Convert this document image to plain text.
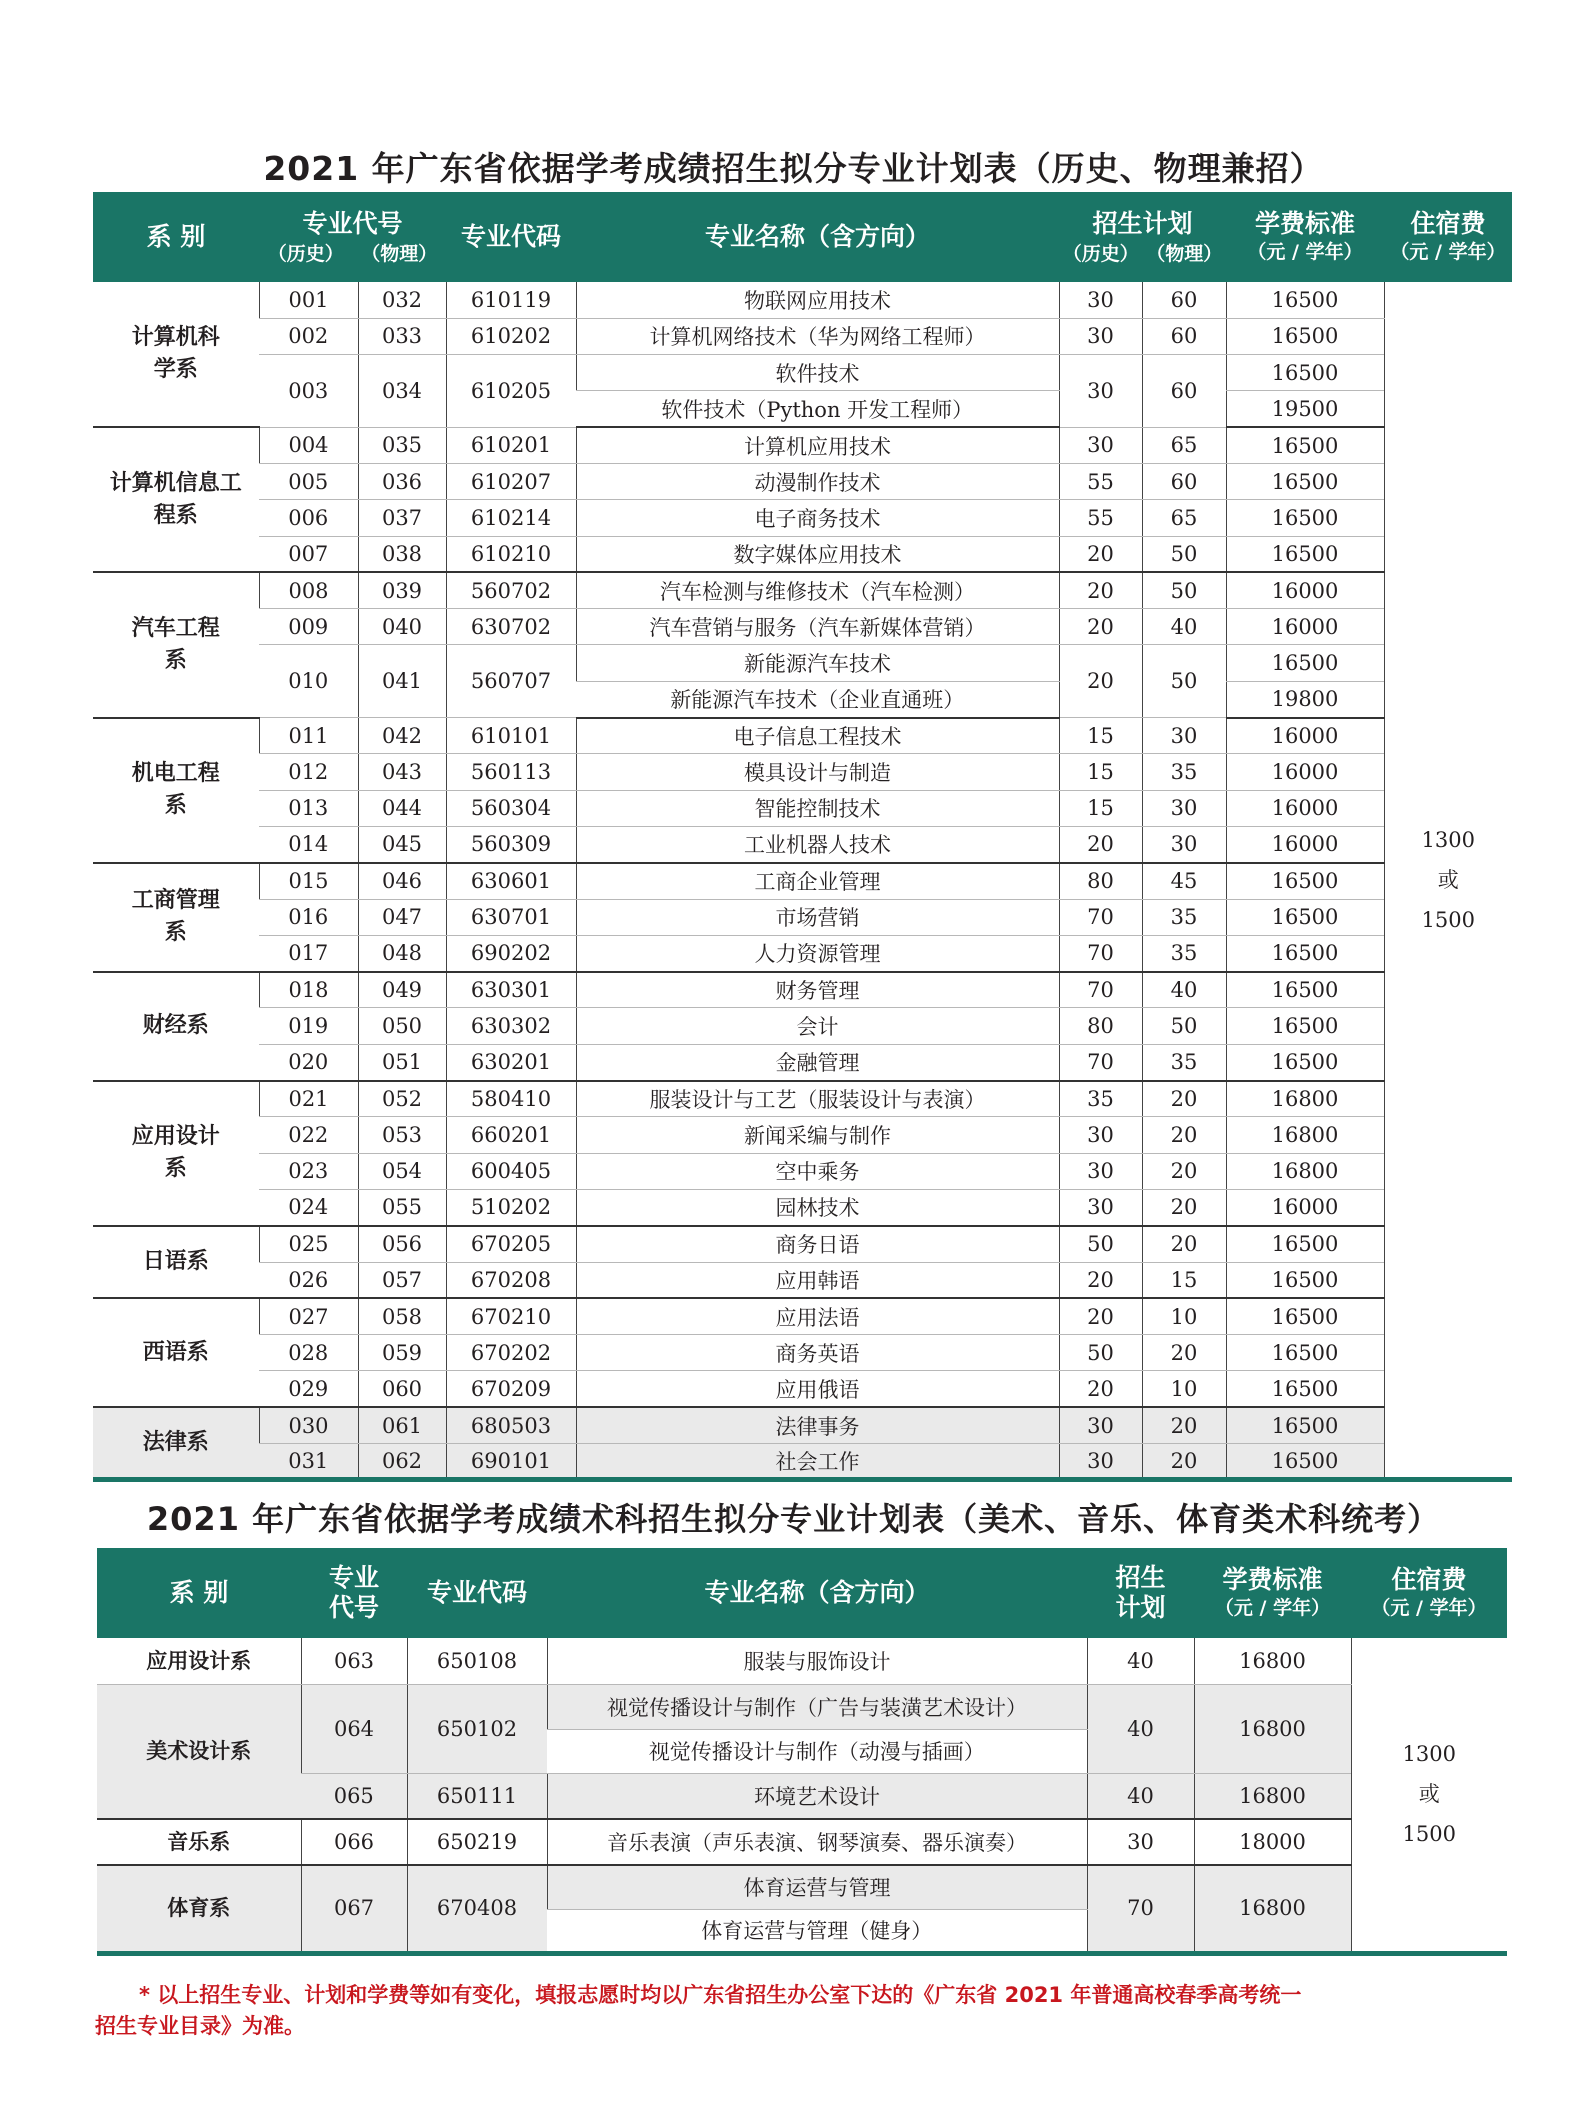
2021 年广东省依据学考成绩招生拟分专业计划表（历史、物理兼招）
系 别	专业代号
（历史） （物理）		专业代码	专业名称（含方向）	招生计划
（历史） （物理）		学费标准
（元 / 学年）	住宿费
（元 / 学年）

计算机科学系	001	032	610119	物联网应用技术	30	60	16500	1300
或
1500

	002	033	610202	计算机网络技术（华为网络工程师）	30	60	16500	
	003	034	610205	软件技术	30	60	16500	
				软件技术（Python 开发工程师）			19500	
计算机信息工程系	004	035	610201	计算机应用技术	30	65	16500	
	005	036	610207	动漫制作技术	55	60	16500	
	006	037	610214	电子商务技术	55	65	16500	
	007	038	610210	数字媒体应用技术	20	50	16500	
汽车工程系	008	039	560702	汽车检测与维修技术（汽车检测）	20	50	16000	
	009	040	630702	汽车营销与服务（汽车新媒体营销）	20	40	16000	
	010	041	560707	新能源汽车技术	20	50	16500	
				新能源汽车技术（企业直通班）			19800	
机电工程系	011	042	610101	电子信息工程技术	15	30	16000	
	012	043	560113	模具设计与制造	15	35	16000	
	013	044	560304	智能控制技术	15	30	16000	
	014	045	560309	工业机器人技术	20	30	16000	
工商管理系	015	046	630601	工商企业管理	80	45	16500	
	016	047	630701	市场营销	70	35	16500	
	017	048	690202	人力资源管理	70	35	16500	
财经系	018	049	630301	财务管理	70	40	16500	
	019	050	630302	会计	80	50	16500	
	020	051	630201	金融管理	70	35	16500	
应用设计系	021	052	580410	服装设计与工艺（服装设计与表演）	35	20	16800	
	022	053	660201	新闻采编与制作	30	20	16800	
	023	054	600405	空中乘务	30	20	16800	
	024	055	510202	园林技术	30	20	16000	
日语系	025	056	670205	商务日语	50	20	16500	
	026	057	670208	应用韩语	20	15	16500	
西语系	027	058	670210	应用法语	20	10	16500	
	028	059	670202	商务英语	50	20	16500	
	029	060	670209	应用俄语	20	10	16500	
法律系	030	061	680503	法律事务	30	20	16500	
	031	062	690101	社会工作	30	20	16500	
2021 年广东省依据学考成绩术科招生拟分专业计划表（美术、音乐、体育类术科统考）
系 别	专业
代号	专业代码	专业名称（含方向）	招生
计划	学费标准
（元 / 学年）	住宿费
（元 / 学年）

应用设计系	063	650108	服装与服饰设计	40	16800	1300
或
1500

美术设计系	064	650102	视觉传播设计与制作（广告与装潢艺术设计）	40	16800	
			视觉传播设计与制作（动漫与插画）			
	065	650111	环境艺术设计	40	16800	
音乐系	066	650219	音乐表演（声乐表演、钢琴演奏、器乐演奏）	30	18000	
体育系	067	670408	体育运营与管理	70	16800	
			体育运营与管理（健身）			
* 以上招生专业、计划和学费等如有变化，填报志愿时均以广东省招生办公室下达的《广东省 2021 年普通高校春季高考统一
招生专业目录》为准。
